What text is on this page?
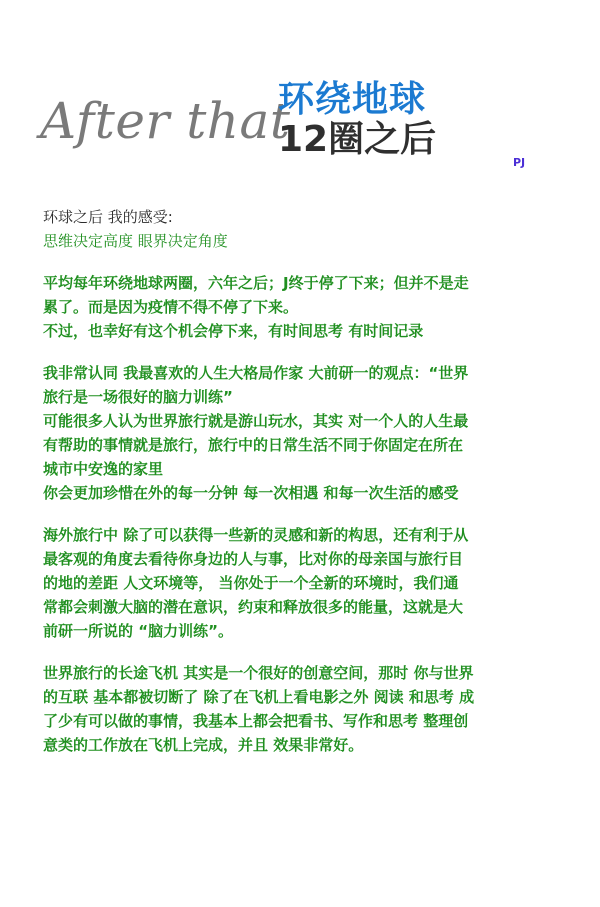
After that
环绕地球
12圈之后
PJ

环球之后 我的感受:

思维决定高度 眼界决定角度

平均每年环绕地球两圈，六年之后；J终于停了下来；但并不是走
累了。而是因为疫情不得不停了下来。
不过，也幸好有这个机会停下来，有时间思考 有时间记录
我非常认同 我最喜欢的人生大格局作家 大前研一的观点：“世界
旅行是一场很好的脑力训练”
可能很多人认为世界旅行就是游山玩水，其实 对一个人的人生最
有帮助的事情就是旅行，旅行中的日常生活不同于你固定在所在
城市中安逸的家里
你会更加珍惜在外的每一分钟 每一次相遇 和每一次生活的感受
海外旅行中 除了可以获得一些新的灵感和新的构思，还有利于从
最客观的角度去看待你身边的人与事，比对你的母亲国与旅行目
的地的差距 人文环境等， 当你处于一个全新的环境时，我们通
常都会刺激大脑的潜在意识，约束和释放很多的能量，这就是大
前研一所说的 “脑力训练”。
世界旅行的长途飞机 其实是一个很好的创意空间，那时 你与世界
的互联 基本都被切断了 除了在飞机上看电影之外 阅读 和思考 成
了少有可以做的事情，我基本上都会把看书、写作和思考 整理创
意类的工作放在飞机上完成，并且 效果非常好。
